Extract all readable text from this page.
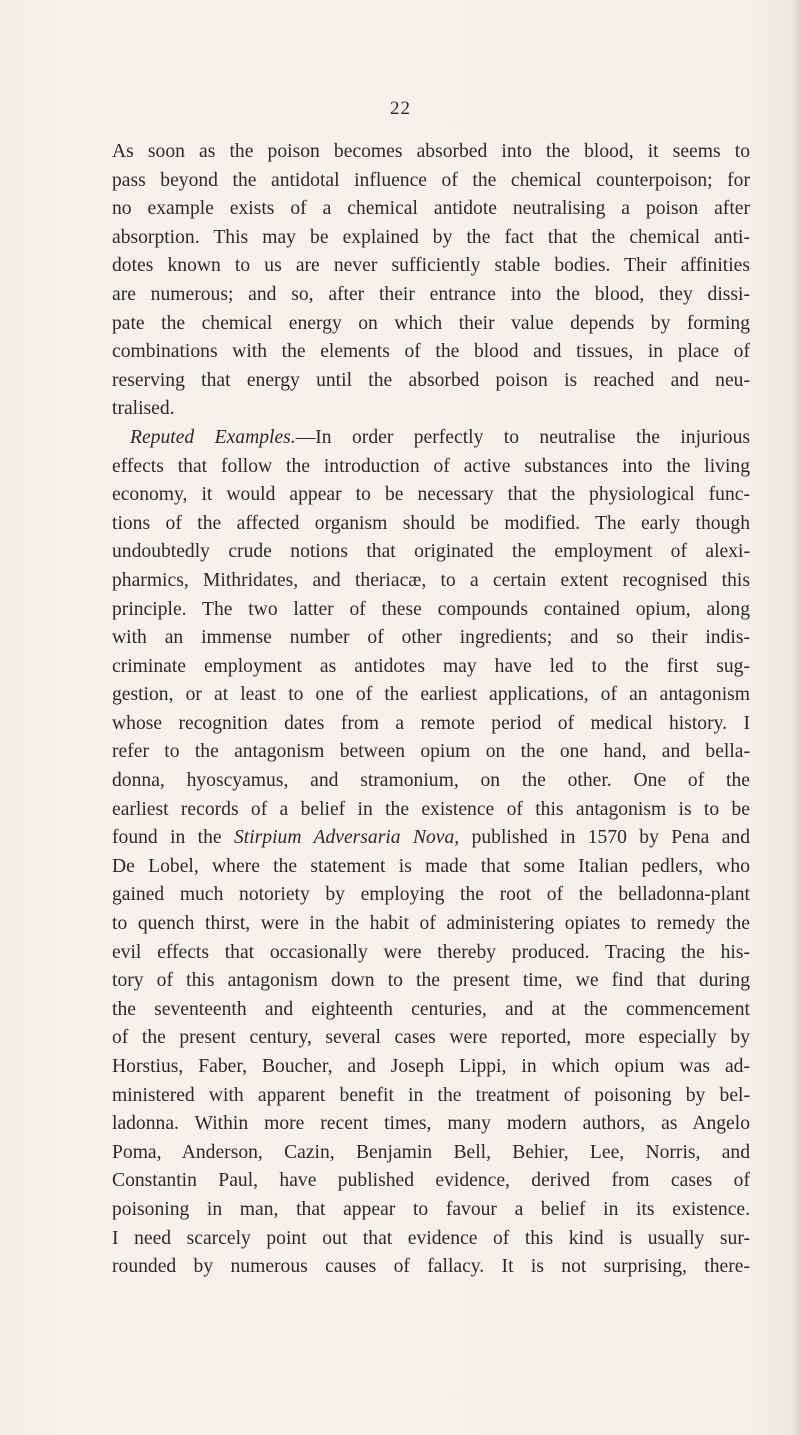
22
As soon as the poison becomes absorbed into the blood, it seems to
pass beyond the antidotal influence of the chemical counterpoison; for
no example exists of a chemical antidote neutralising a poison after
absorption. This may be explained by the fact that the chemical anti-
dotes known to us are never sufficiently stable bodies. Their affinities
are numerous; and so, after their entrance into the blood, they dissi-
pate the chemical energy on which their value depends by forming
combinations with the elements of the blood and tissues, in place of
reserving that energy until the absorbed poison is reached and neu-
tralised.
Reputed Examples.—In order perfectly to neutralise the injurious
effects that follow the introduction of active substances into the living
economy, it would appear to be necessary that the physiological func-
tions of the affected organism should be modified. The early though
undoubtedly crude notions that originated the employment of alexi-
pharmics, Mithridates, and theriacæ, to a certain extent recognised this
principle. The two latter of these compounds contained opium, along
with an immense number of other ingredients; and so their indis-
criminate employment as antidotes may have led to the first sug-
gestion, or at least to one of the earliest applications, of an antagonism
whose recognition dates from a remote period of medical history. I
refer to the antagonism between opium on the one hand, and bella-
donna, hyoscyamus, and stramonium, on the other. One of the
earliest records of a belief in the existence of this antagonism is to be
found in the Stirpium Adversaria Nova, published in 1570 by Pena and
De Lobel, where the statement is made that some Italian pedlers, who
gained much notoriety by employing the root of the belladonna-plant
to quench thirst, were in the habit of administering opiates to remedy the
evil effects that occasionally were thereby produced. Tracing the his-
tory of this antagonism down to the present time, we find that during
the seventeenth and eighteenth centuries, and at the commencement
of the present century, several cases were reported, more especially by
Horstius, Faber, Boucher, and Joseph Lippi, in which opium was ad-
ministered with apparent benefit in the treatment of poisoning by bel-
ladonna. Within more recent times, many modern authors, as Angelo
Poma, Anderson, Cazin, Benjamin Bell, Behier, Lee, Norris, and
Constantin Paul, have published evidence, derived from cases of
poisoning in man, that appear to favour a belief in its existence.
I need scarcely point out that evidence of this kind is usually sur-
rounded by numerous causes of fallacy. It is not surprising, there-
